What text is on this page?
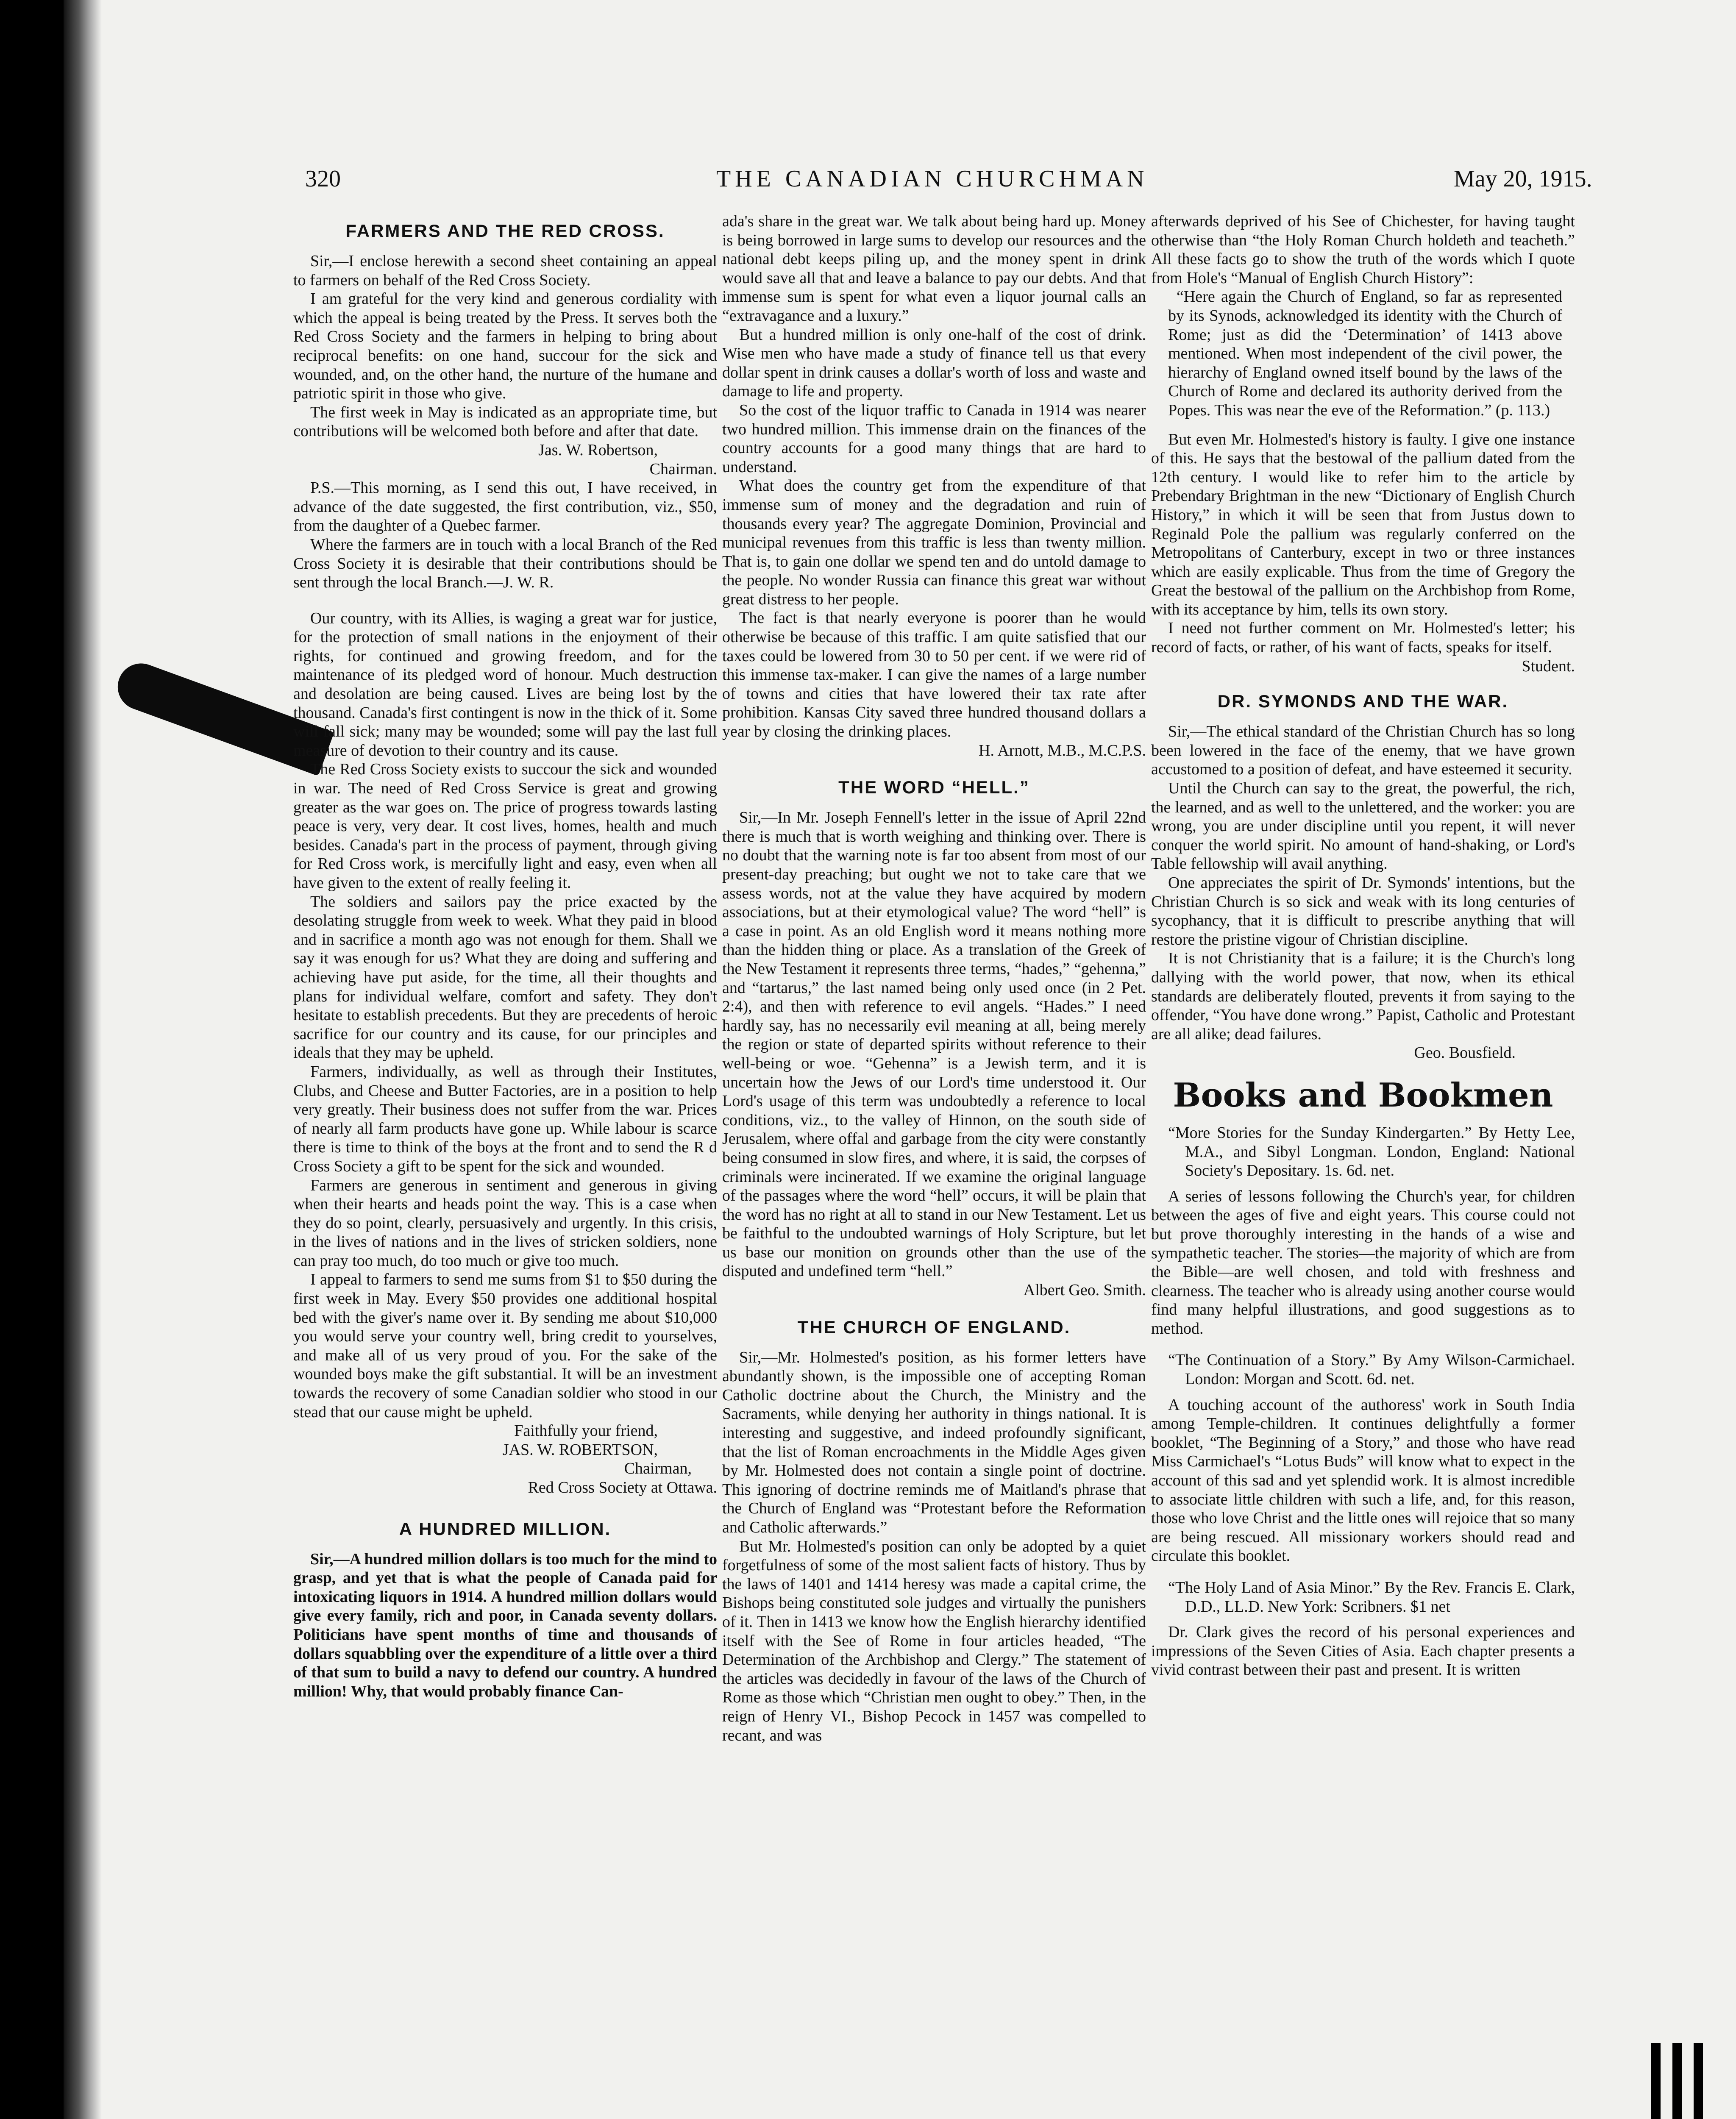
320	THE CANADIAN CHURCHMAN	May 20, 1915.
FARMERS AND THE RED CROSS.

Sir,—I enclose herewith a second sheet containing an appeal to farmers on behalf of the Red Cross Society.

I am grateful for the very kind and generous cordiality with which the appeal is being treated by the Press. It serves both the Red Cross Society and the farmers in helping to bring about reciprocal benefits: on one hand, succour for the sick and wounded, and, on the other hand, the nurture of the humane and patriotic spirit in those who give.

The first week in May is indicated as an appropriate time, but contributions will be welcomed both before and after that date.

Jas. W. Robertson,

Chairman.

P.S.—This morning, as I send this out, I have received, in advance of the date suggested, the first contribution, viz., $50, from the daughter of a Quebec farmer.

Where the farmers are in touch with a local Branch of the Red Cross Society it is desirable that their contributions should be sent through the local Branch.—J. W. R.

Our country, with its Allies, is waging a great war for justice, for the protection of small nations in the enjoyment of their rights, for continued and growing freedom, and for the maintenance of its pledged word of honour. Much destruction and desolation are being caused. Lives are being lost by the thousand. Canada's first contingent is now in the thick of it. Some will fall sick; many may be wounded; some will pay the last full measure of devotion to their country and its cause.

The Red Cross Society exists to succour the sick and wounded in war. The need of Red Cross Service is great and growing greater as the war goes on. The price of progress towards lasting peace is very, very dear. It cost lives, homes, health and much besides. Canada's part in the process of payment, through giving for Red Cross work, is mercifully light and easy, even when all have given to the extent of really feeling it.

The soldiers and sailors pay the price exacted by the desolating struggle from week to week. What they paid in blood and in sacrifice a month ago was not enough for them. Shall we say it was enough for us? What they are doing and suffering and achieving have put aside, for the time, all their thoughts and plans for individual welfare, comfort and safety. They don't hesitate to establish precedents. But they are precedents of heroic sacrifice for our country and its cause, for our principles and ideals that they may be upheld.

Farmers, individually, as well as through their Institutes, Clubs, and Cheese and Butter Factories, are in a position to help very greatly. Their business does not suffer from the war. Prices of nearly all farm products have gone up. While labour is scarce there is time to think of the boys at the front and to send the R d Cross Society a gift to be spent for the sick and wounded.

Farmers are generous in sentiment and generous in giving when their hearts and heads point the way. This is a case when they do so point, clearly, persuasively and urgently. In this crisis, in the lives of nations and in the lives of stricken soldiers, none can pray too much, do too much or give too much.

I appeal to farmers to send me sums from $1 to $50 during the first week in May. Every $50 provides one additional hospital bed with the giver's name over it. By sending me about $10,000 you would serve your country well, bring credit to yourselves, and make all of us very proud of you. For the sake of the wounded boys make the gift substantial. It will be an investment towards the recovery of some Canadian soldier who stood in our stead that our cause might be upheld.

Faithfully your friend,

JAS. W. ROBERTSON,

Chairman,

Red Cross Society at Ottawa.

A HUNDRED MILLION.

Sir,—A hundred million dollars is too much for the mind to grasp, and yet that is what the people of Canada paid for intoxicating liquors in 1914. A hundred million dollars would give every family, rich and poor, in Canada seventy dollars. Politicians have spent months of time and thousands of dollars squabbling over the expenditure of a little over a third of that sum to build a navy to defend our country. A hundred million! Why, that would probably finance Can-

ada's share in the great war. We talk about being hard up. Money is being borrowed in large sums to develop our resources and the national debt keeps piling up, and the money spent in drink would save all that and leave a balance to pay our debts. And that immense sum is spent for what even a liquor journal calls an “extravagance and a luxury.”

But a hundred million is only one-half of the cost of drink. Wise men who have made a study of finance tell us that every dollar spent in drink causes a dollar's worth of loss and waste and damage to life and property.

So the cost of the liquor traffic to Canada in 1914 was nearer two hundred million. This immense drain on the finances of the country accounts for a good many things that are hard to understand.

What does the country get from the expenditure of that immense sum of money and the degradation and ruin of thousands every year? The aggregate Dominion, Provincial and municipal revenues from this traffic is less than twenty million. That is, to gain one dollar we spend ten and do untold damage to the people. No wonder Russia can finance this great war without great distress to her people.

The fact is that nearly everyone is poorer than he would otherwise be because of this traffic. I am quite satisfied that our taxes could be lowered from 30 to 50 per cent. if we were rid of this immense tax-maker. I can give the names of a large number of towns and cities that have lowered their tax rate after prohibition. Kansas City saved three hundred thousand dollars a year by closing the drinking places.

H. Arnott, M.B., M.C.P.S.

THE WORD “HELL.”

Sir,—In Mr. Joseph Fennell's letter in the issue of April 22nd there is much that is worth weighing and thinking over. There is no doubt that the warning note is far too absent from most of our present-day preaching; but ought we not to take care that we assess words, not at the value they have acquired by modern associations, but at their etymological value? The word “hell” is a case in point. As an old English word it means nothing more than the hidden thing or place. As a translation of the Greek of the New Testament it represents three terms, “hades,” “gehenna,” and “tartarus,” the last named being only used once (in 2 Pet. 2:4), and then with reference to evil angels. “Hades.” I need hardly say, has no necessarily evil meaning at all, being merely the region or state of departed spirits without reference to their well-being or woe. “Gehenna” is a Jewish term, and it is uncertain how the Jews of our Lord's time understood it. Our Lord's usage of this term was undoubtedly a reference to local conditions, viz., to the valley of Hinnon, on the south side of Jerusalem, where offal and garbage from the city were constantly being consumed in slow fires, and where, it is said, the corpses of criminals were incinerated. If we examine the original language of the passages where the word “hell” occurs, it will be plain that the word has no right at all to stand in our New Testament. Let us be faithful to the undoubted warnings of Holy Scripture, but let us base our monition on grounds other than the use of the disputed and undefined term “hell.”

Albert Geo. Smith.

THE CHURCH OF ENGLAND.

Sir,—Mr. Holmested's position, as his former letters have abundantly shown, is the impossible one of accepting Roman Catholic doctrine about the Church, the Ministry and the Sacraments, while denying her authority in things national. It is interesting and suggestive, and indeed profoundly significant, that the list of Roman encroachments in the Middle Ages given by Mr. Holmested does not contain a single point of doctrine. This ignoring of doctrine reminds me of Maitland's phrase that the Church of England was “Protestant before the Reformation and Catholic afterwards.”

But Mr. Holmested's position can only be adopted by a quiet forgetfulness of some of the most salient facts of history. Thus by the laws of 1401 and 1414 heresy was made a capital crime, the Bishops being constituted sole judges and virtually the punishers of it. Then in 1413 we know how the English hierarchy identified itself with the See of Rome in four articles headed, “The Determination of the Archbishop and Clergy.” The statement of the articles was decidedly in favour of the laws of the Church of Rome as those which “Christian men ought to obey.” Then, in the reign of Henry VI., Bishop Pecock in 1457 was compelled to recant, and was

afterwards deprived of his See of Chichester, for having taught otherwise than “the Holy Roman Church holdeth and teacheth.” All these facts go to show the truth of the words which I quote from Hole's “Manual of English Church History”:

“Here again the Church of England, so far as represented by its Synods, acknowledged its identity with the Church of Rome; just as did the ‘Determination’ of 1413 above mentioned. When most independent of the civil power, the hierarchy of England owned itself bound by the laws of the Church of Rome and declared its authority derived from the Popes. This was near the eve of the Reformation.” (p. 113.)

But even Mr. Holmested's history is faulty. I give one instance of this. He says that the bestowal of the pallium dated from the 12th century. I would like to refer him to the article by Prebendary Brightman in the new “Dictionary of English Church History,” in which it will be seen that from Justus down to Reginald Pole the pallium was regularly conferred on the Metropolitans of Canterbury, except in two or three instances which are easily explicable. Thus from the time of Gregory the Great the bestowal of the pallium on the Archbishop from Rome, with its acceptance by him, tells its own story.

I need not further comment on Mr. Holmested's letter; his record of facts, or rather, of his want of facts, speaks for itself.

Student.

DR. SYMONDS AND THE WAR.

Sir,—The ethical standard of the Christian Church has so long been lowered in the face of the enemy, that we have grown accustomed to a position of defeat, and have esteemed it security.

Until the Church can say to the great, the powerful, the rich, the learned, and as well to the unlettered, and the worker: you are wrong, you are under discipline until you repent, it will never conquer the world spirit. No amount of hand-shaking, or Lord's Table fellowship will avail anything.

One appreciates the spirit of Dr. Symonds' intentions, but the Christian Church is so sick and weak with its long centuries of sycophancy, that it is difficult to prescribe anything that will restore the pristine vigour of Christian discipline.

It is not Christianity that is a failure; it is the Church's long dallying with the world power, that now, when its ethical standards are deliberately flouted, prevents it from saying to the offender, “You have done wrong.” Papist, Catholic and Protestant are all alike; dead failures.

Geo. Bousfield.

Books and Bookmen

“More Stories for the Sunday Kindergarten.” By Hetty Lee, M.A., and Sibyl Longman. London, England: National Society's Depositary. 1s. 6d. net.

A series of lessons following the Church's year, for children between the ages of five and eight years. This course could not but prove thoroughly interesting in the hands of a wise and sympathetic teacher. The stories—the majority of which are from the Bible—are well chosen, and told with freshness and clearness. The teacher who is already using another course would find many helpful illustrations, and good suggestions as to method.

“The Continuation of a Story.” By Amy Wilson-Carmichael. London: Morgan and Scott. 6d. net.

A touching account of the authoress' work in South India among Temple-children. It continues delightfully a former booklet, “The Beginning of a Story,” and those who have read Miss Carmichael's “Lotus Buds” will know what to expect in the account of this sad and yet splendid work. It is almost incredible to associate little children with such a life, and, for this reason, those who love Christ and the little ones will rejoice that so many are being rescued. All missionary workers should read and circulate this booklet.

“The Holy Land of Asia Minor.” By the Rev. Francis E. Clark, D.D., LL.D. New York: Scribners. $1 net

Dr. Clark gives the record of his personal experiences and impressions of the Seven Cities of Asia. Each chapter presents a vivid contrast between their past and present. It is written
